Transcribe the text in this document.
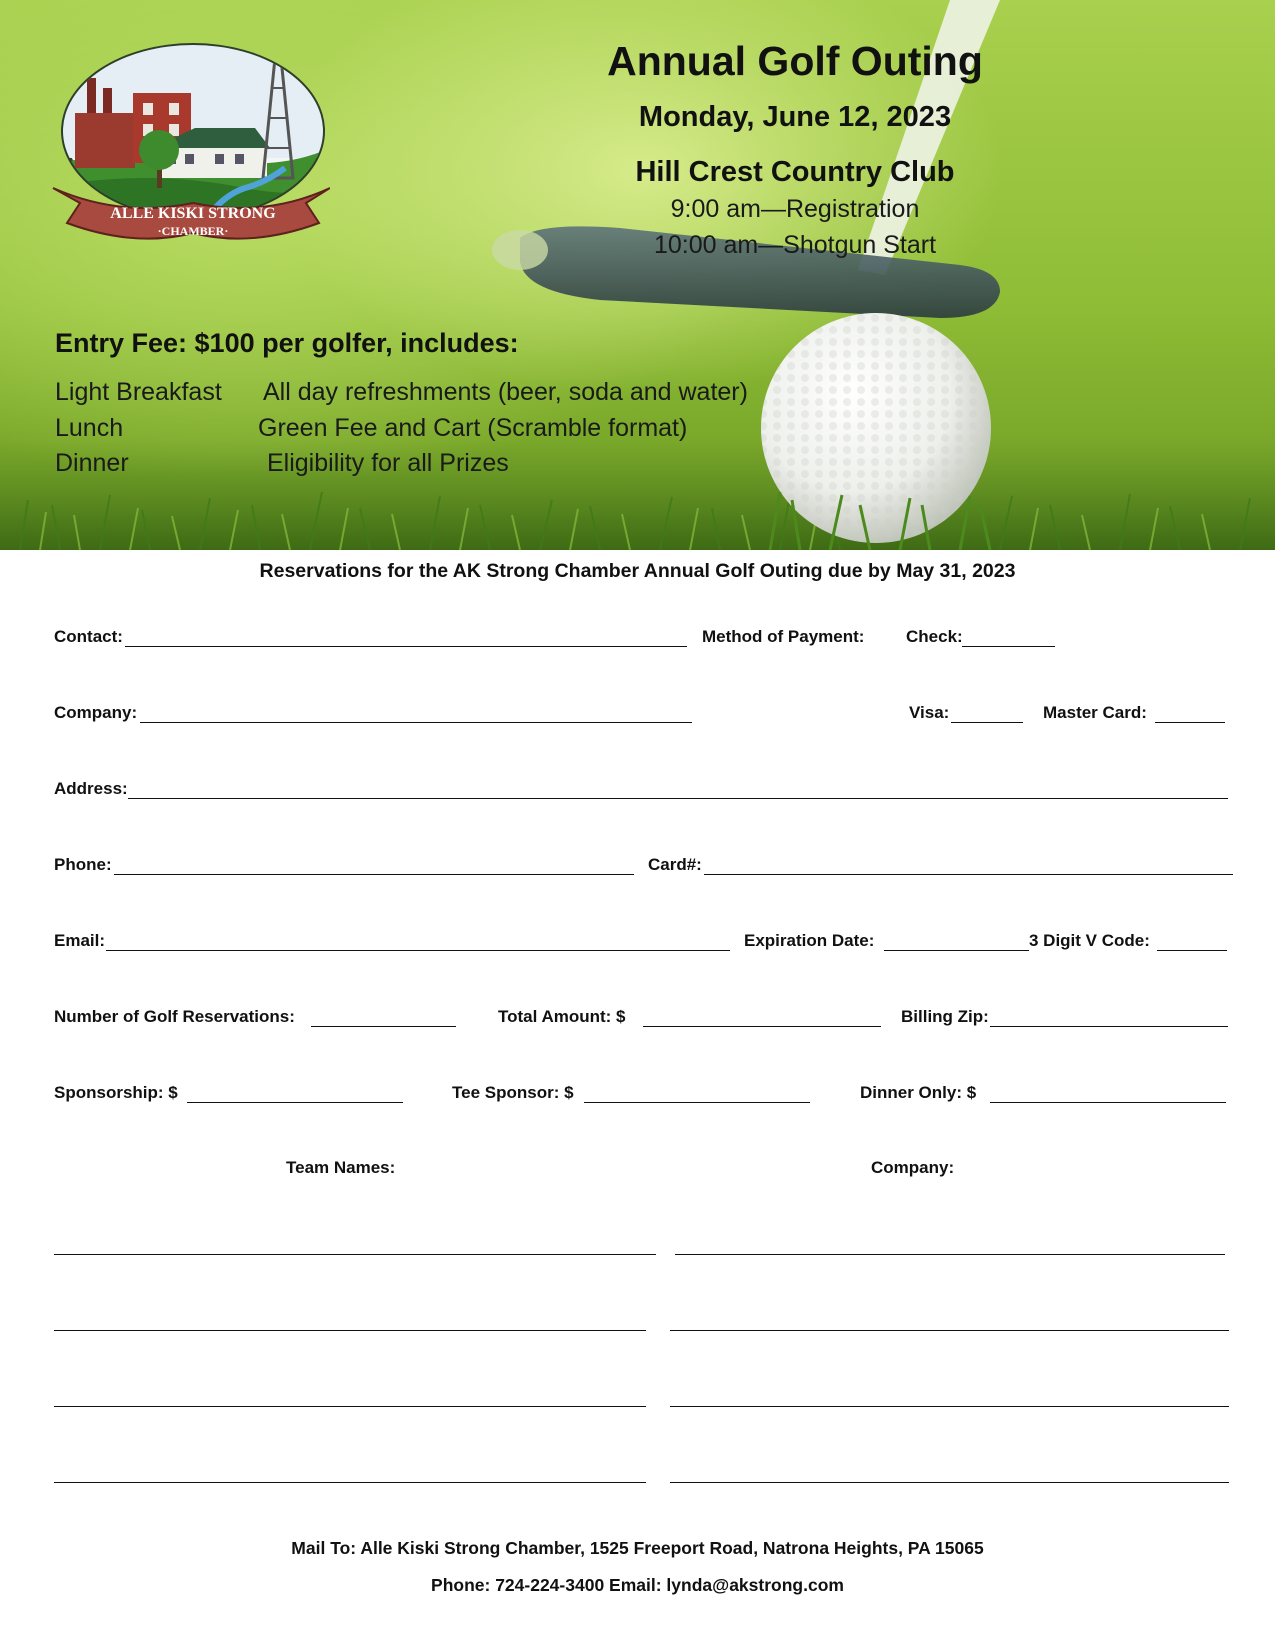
ALLE KISKI STRONG
·CHAMBER·
Annual Golf Outing
Monday, June 12, 2023
Hill Crest Country Club
9:00 am—Registration
10:00 am—Shotgun Start
Entry Fee: $100 per golfer, includes:
Light Breakfast
Lunch
Dinner
All day refreshments (beer, soda and water)
Green Fee and Cart (Scramble format)
Eligibility for all Prizes
Reservations for the AK Strong Chamber Annual Golf Outing due by May 31, 2023
Contact:	Method of Payment: Check:
Company:	Visa:	Master Card:
Address:
Phone:	Card#:
Email:	Expiration Date:	3 Digit V Code:
Number of Golf Reservations:	Total Amount: $	Billing Zip:
Sponsorship: $	Tee Sponsor: $	Dinner Only: $
Team Names:	Company:
Mail To: Alle Kiski Strong Chamber, 1525 Freeport Road, Natrona Heights, PA 15065
Phone: 724-224-3400 Email: lynda@akstrong.com
